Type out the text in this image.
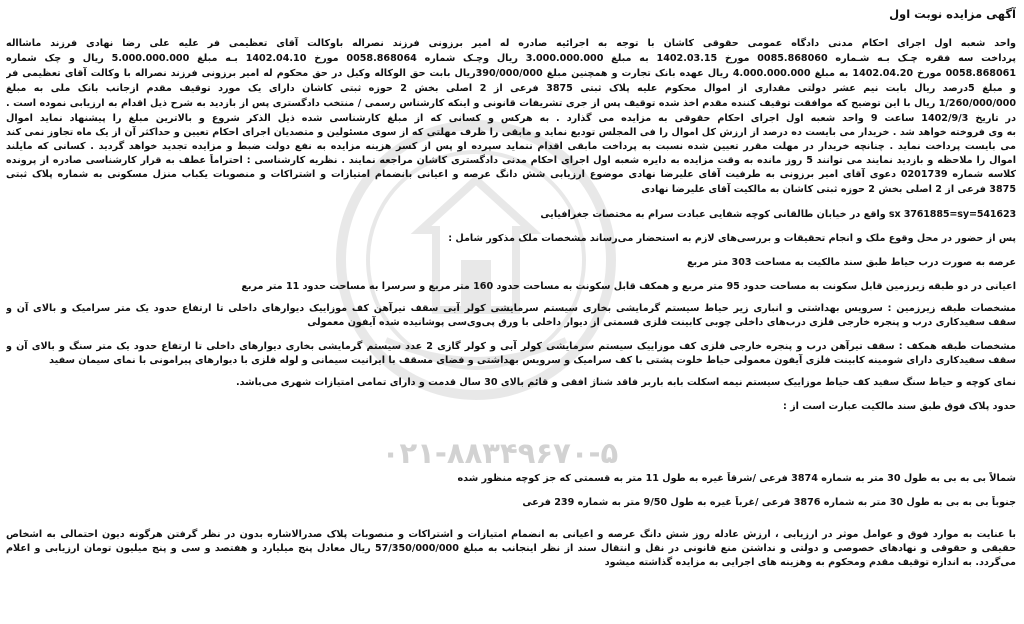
۰۲۱-۸۸۳۴۹۶۷۰-۵
آگهی مزایده نوبت اول
واحد شعبه اول اجرای احکام مدنی دادگاه عمومی حقوقی کاشان با توجه به اجرائیه صادره له امیر برزونی فرزند نصراله باوکالت آقای تعظیمی فر علیه علی رضا نهادی فرزند ماشااله
پرداخت سه فقره چـک بـه شـماره 0085.868060 مورخ 1402.03.15 به مبلغ 3.000.000.000 ریال وچـک شماره 0058.868064 مورخ 1402.04.10 بـه مبلغ 5.000.000.000 ریال و چک شماره
0058.868061 مورخ 1402.04.20 به مبلغ 4.000.000.000 ریال عهده بانک تجارت و همچنین مبلغ 390/000/000ریال بابت حق الوکاله وکیل در حق محکوم له امیر برزونی فرزند نصراله با وکالت آقای تعظیمی فر
و مبلغ 5درصد ریال بابت نیم عشر دولتی مقداری از اموال محکوم علیه پلاک ثبتی 3875 فرعی از 2 اصلی بخش 2 حوزه ثبتی کاشان دارای یک مورد توقیف مقدم ازجانب بانک ملی به مبلغ
1/260/000/000 ریال با این توضیح که موافقت توقیف کننده مقدم اخذ شده توقیف پس از جری تشریفات قانونی و اینکه کارشناس رسمی / منتخب دادگستری پس از بازدید به شرح ذیل اقدام به ارزیابی نموده است .
در تاریخ 1402/9/3 ساعت 9 واحد شعبه اول اجرای احکام حقوقی به مزایده می گذارد . به هرکس و کسانی که از مبلغ کارشناسی شده ذیل الذکر شروع و بالاترین مبلغ را پیشنهاد نماید اموال
به وی فروخته خواهد شد . خریدار می بایست ده درصد از ارزش کل اموال را فی المجلس تودیع نماید و مابقی را ظرف مهلتی که از سوی مسئولین و متصدیان اجرای احکام تعیین و حداکثر آن از یک ماه تجاوز نمی کند
می بایست پرداخت نماید . چنانچه خریدار در مهلت مقرر تعیین شده نسبت به پرداخت مابقی اقدام ننماید سپرده او پس از کسر هزینه مزایده به نفع دولت ضبط و مزایده تجدید خواهد گردید . کسانی که مایلند
اموال را ملاحظه و بازدید نمایند می توانند 5 روز مانده به وقت مزایده به دایره شعبه اول اجرای احکام مدنی دادگستری کاشان مراجعه نمایند . نظریه کارشناسی : احتراماً عطف به قرار کارشناسی صادره از پرونده
کلاسه شماره 0201739 دعوی آقای امیر برزونی به طرفیت آقای علیرضا نهادی موضوع ارزیابی شش دانگ عرصه و اعیانی بانضمام امتیازات و اشتراکات و منصوبات یکباب منزل مسکونی به شماره پلاک ثبتی
3875 فرعی از 2 اصلی بخش 2 حوزه ثبتی کاشان به مالکیت آقای علیرضا نهادی
541623=sx 3761885=sy واقع در خیابان طالقانی کوچه شفایی عبادت سرام به مختصات جغرافیایی
پس از حضور در محل وقوع ملک و انجام تحقیقات و بررسی‌های لازم به استحضار می‌رساند مشخصات ملک مذکور شامل :
عرصه به صورت درب حیاط طبق سند مالکیت به مساحت 303 متر مربع
اعیانی در دو طبقه زیرزمین قابل سکونت به مساحت حدود 95 متر مربع و همکف قابل سکونت به مساحت حدود 160 متر مربع و سرسرا به مساحت حدود 11 متر مربع
مشخصات طبقه زیرزمین : سرویس بهداشتی و انباری زیر حیاط سیستم گرمایشی بخاری سیستم سرمایشی کولر آبی سقف تیرآهن کف موزاییک دیوارهای داخلی تا ارتفاع حدود یک متر سرامیک و بالای آن و
سقف سفیدکاری درب و پنجره خارجی فلزی درب‌های داخلی چوبی کابینت فلزی قسمتی از دیوار داخلی با ورق پی‌وی‌سی پوشانیده شده آیفون معمولی
مشخصات طبقه همکف : سقف تیرآهن درب و پنجره خارجی فلزی کف موزاییک سیستم سرمایشی کولر آبی و کولر گازی 2 عدد سیستم گرمایشی بخاری دیوارهای داخلی تا ارتفاع حدود یک متر سنگ و بالای آن و
سقف سفیدکاری دارای شومینه کابینت فلزی آیفون معمولی حیاط خلوت پشتی با کف سرامیک و سرویس بهداشتی و فضای مسقف با ایرانیت سیمانی و لوله فلزی با دیوارهای پیرامونی با نمای سیمان سفید
نمای کوچه و حیاط سنگ سفید کف حیاط موزاییک سیستم نیمه اسکلت بابه باربر فاقد شناژ افقی و قائم بالای 30 سال قدمت و دارای تمامی امتیازات شهری می‌باشد.
حدود پلاک فوق طبق سند مالکیت عبارت است از :
شمالاً بی به بی به طول 30 متر به شماره 3874 فرعی /شرقاً غیره به طول 11 متر به قسمتی که جز کوچه منظور شده
جنوباً بی به بی به طول 30 متر به شماره 3876 فرعی /غرباً غیره به طول 9/50 متر به شماره 239 فرعی
با عنایت به موارد فوق و عوامل موثر در ارزیابی ، ارزش عادله روز شش دانگ عرصه و اعیانی به انضمام امتیازات و اشتراکات و منصوبات پلاک صدرالاشاره بدون در نظر گرفتن هرگونه دیون احتمالی به اشخاص
حقیقی و حقوقی و نهادهای خصوصی و دولتی و نداشتن منع قانونی در نقل و انتقال سند از نظر اینجانب به مبلغ 57/350/000/000 ریال معادل پنج میلیارد و هفتصد و سی و پنج میلیون تومان ارزیابی و اعلام
می‌گردد. به اندازه توقیف مقدم ومحکوم به وهزینه های اجرایی به مزایده گذاشته میشود
